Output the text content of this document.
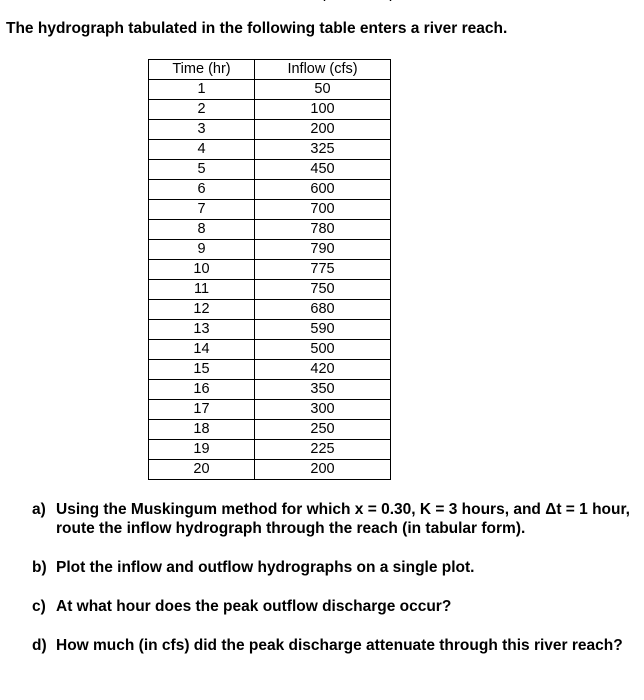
The hydrograph tabulated in the following table enters a river reach.
Time (hr)	Inflow (cfs)
1	50
2	100
3	200
4	325
5	450
6	600
7	700
8	780
9	790
10	775
11	750
12	680
13	590
14	500
15	420
16	350
17	300
18	250
19	225
20	200
a) Using the Muskingum method for which x = 0.30, K = 3 hours, and Δt = 1 hour, route the inflow hydrograph through the reach (in tabular form).
b) Plot the inflow and outflow hydrographs on a single plot.
c) At what hour does the peak outflow discharge occur?
d) How much (in cfs) did the peak discharge attenuate through this river reach?
